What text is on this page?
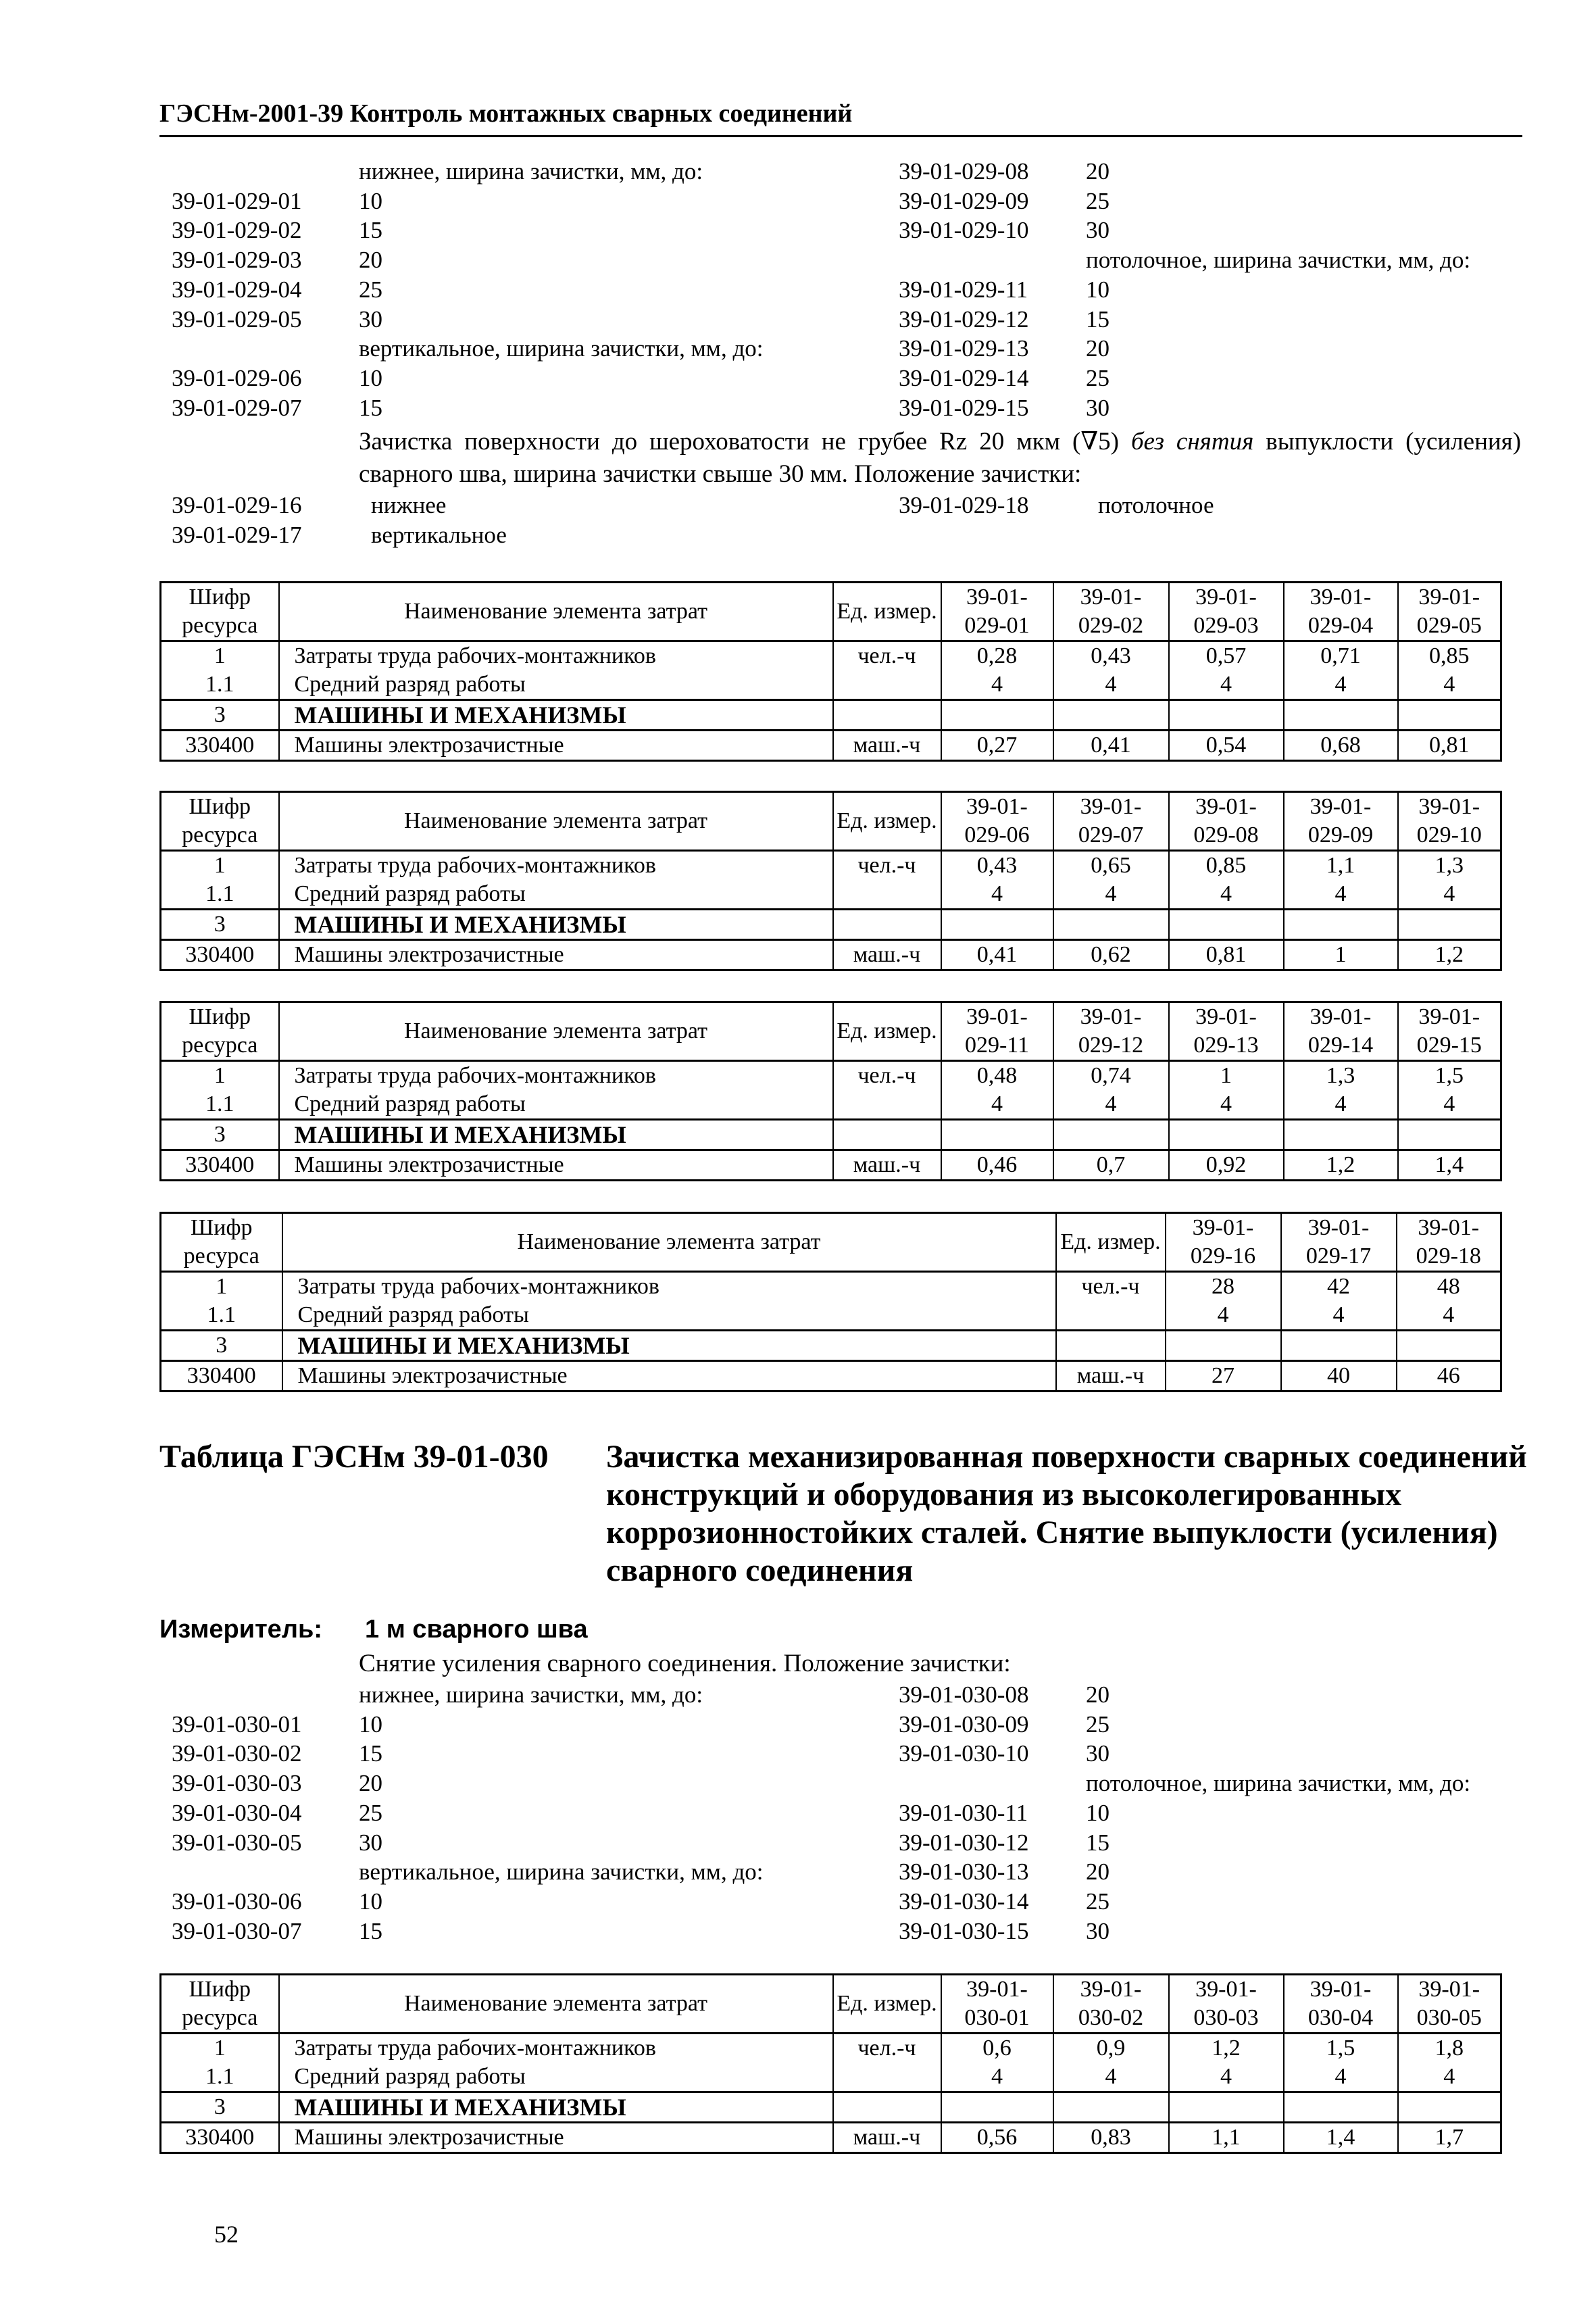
ГЭСНм-2001-39 Контроль монтажных сварных соединений
нижнее, ширина зачистки, мм, до:	39-01-029-08 20
39-01-029-01 10	39-01-029-09 25
39-01-029-02 15	39-01-029-10 30
39-01-029-03 20	потолочное, ширина зачистки, мм, до:
39-01-029-04 25	39-01-029-11 10
39-01-029-05 30	39-01-029-12 15
вертикальное, ширина зачистки, мм, до:	39-01-029-13 20
39-01-029-06 10	39-01-029-14 25
39-01-029-07 15	39-01-029-15 30
Зачистка поверхности до шероховатости не грубее Rz 20 мкм (∇5) без снятия выпуклости (усиления) сварного шва, ширина зачистки свыше 30 мм. Положение зачистки:
39-01-029-16	нижнее	39-01-029-18	потолочное
39-01-029-17	вертикальное
Шифр ресурса	Наименование элемента затрат	Ед. измер.	39-01- 029-01	39-01- 029-02	39-01- 029-03	39-01- 029-04	39-01- 029-05
1	Затраты труда рабочих-монтажников	чел.-ч	0,28	0,43	0,57	0,71	0,85
1.1	Средний разряд работы		4	4	4	4	4
3	МАШИНЫ И МЕХАНИЗМЫ						
330400	Машины электрозачистные	маш.-ч	0,27	0,41	0,54	0,68	0,81
Шифр ресурса	Наименование элемента затрат	Ед. измер.	39-01- 029-06	39-01- 029-07	39-01- 029-08	39-01- 029-09	39-01- 029-10
1	Затраты труда рабочих-монтажников	чел.-ч	0,43	0,65	0,85	1,1	1,3
1.1	Средний разряд работы		4	4	4	4	4
3	МАШИНЫ И МЕХАНИЗМЫ						
330400	Машины электрозачистные	маш.-ч	0,41	0,62	0,81	1	1,2
Шифр ресурса	Наименование элемента затрат	Ед. измер.	39-01- 029-11	39-01- 029-12	39-01- 029-13	39-01- 029-14	39-01- 029-15
1	Затраты труда рабочих-монтажников	чел.-ч	0,48	0,74	1	1,3	1,5
1.1	Средний разряд работы		4	4	4	4	4
3	МАШИНЫ И МЕХАНИЗМЫ						
330400	Машины электрозачистные	маш.-ч	0,46	0,7	0,92	1,2	1,4
Шифр ресурса	Наименование элемента затрат	Ед. измер.	39-01- 029-16	39-01- 029-17	39-01- 029-18
1	Затраты труда рабочих-монтажников	чел.-ч	28	42	48
1.1	Средний разряд работы		4	4	4
3	МАШИНЫ И МЕХАНИЗМЫ				
330400	Машины электрозачистные	маш.-ч	27	40	46
Шифр ресурса	Наименование элемента затрат	Ед. измер.	39-01- 030-01	39-01- 030-02	39-01- 030-03	39-01- 030-04	39-01- 030-05
1	Затраты труда рабочих-монтажников	чел.-ч	0,6	0,9	1,2	1,5	1,8
1.1	Средний разряд работы		4	4	4	4	4
3	МАШИНЫ И МЕХАНИЗМЫ						
330400	Машины электрозачистные	маш.-ч	0,56	0,83	1,1	1,4	1,7
Таблица ГЭСНм 39-01-030 Зачистка механизированная поверхности сварных соединений конструкций и оборудования из высоколегированных коррозионностойких сталей. Снятие выпуклости (усиления) сварного соединения
Измеритель: 1 м сварного шва
Снятие усиления сварного соединения. Положение зачистки:
нижнее, ширина зачистки, мм, до:	39-01-030-08 20
39-01-030-01 10	39-01-030-09 25
39-01-030-02 15	39-01-030-10 30
39-01-030-03 20	потолочное, ширина зачистки, мм, до:
39-01-030-04 25	39-01-030-11 10
39-01-030-05 30	39-01-030-12 15
вертикальное, ширина зачистки, мм, до:	39-01-030-13 20
39-01-030-06 10	39-01-030-14 25
39-01-030-07 15	39-01-030-15 30
52
